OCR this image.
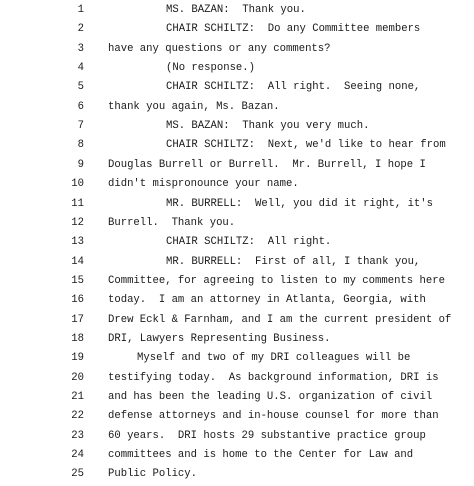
1	MS. BAZAN:  Thank you.
2	CHAIR SCHILTZ:  Do any Committee members
3 have any questions or any comments?
4	(No response.)
5	CHAIR SCHILTZ:  All right.  Seeing none,
6 thank you again, Ms. Bazan.
7	MS. BAZAN:  Thank you very much.
8	CHAIR SCHILTZ:  Next, we'd like to hear from
9 Douglas Burrell or Burrell.  Mr. Burrell, I hope I
10 didn't mispronounce your name.
11	MR. BURRELL:  Well, you did it right, it's
12 Burrell.  Thank you.
13	CHAIR SCHILTZ:  All right.
14	MR. BURRELL:  First of all, I thank you,
15 Committee, for agreeing to listen to my comments here
16 today.  I am an attorney in Atlanta, Georgia, with
17 Drew Eckl & Farnham, and I am the current president of
18 DRI, Lawyers Representing Business.
19	Myself and two of my DRI colleagues will be
20 testifying today.  As background information, DRI is
21 and has been the leading U.S. organization of civil
22 defense attorneys and in-house counsel for more than
23 60 years.  DRI hosts 29 substantive practice group
24 committees and is home to the Center for Law and
25 Public Policy.
